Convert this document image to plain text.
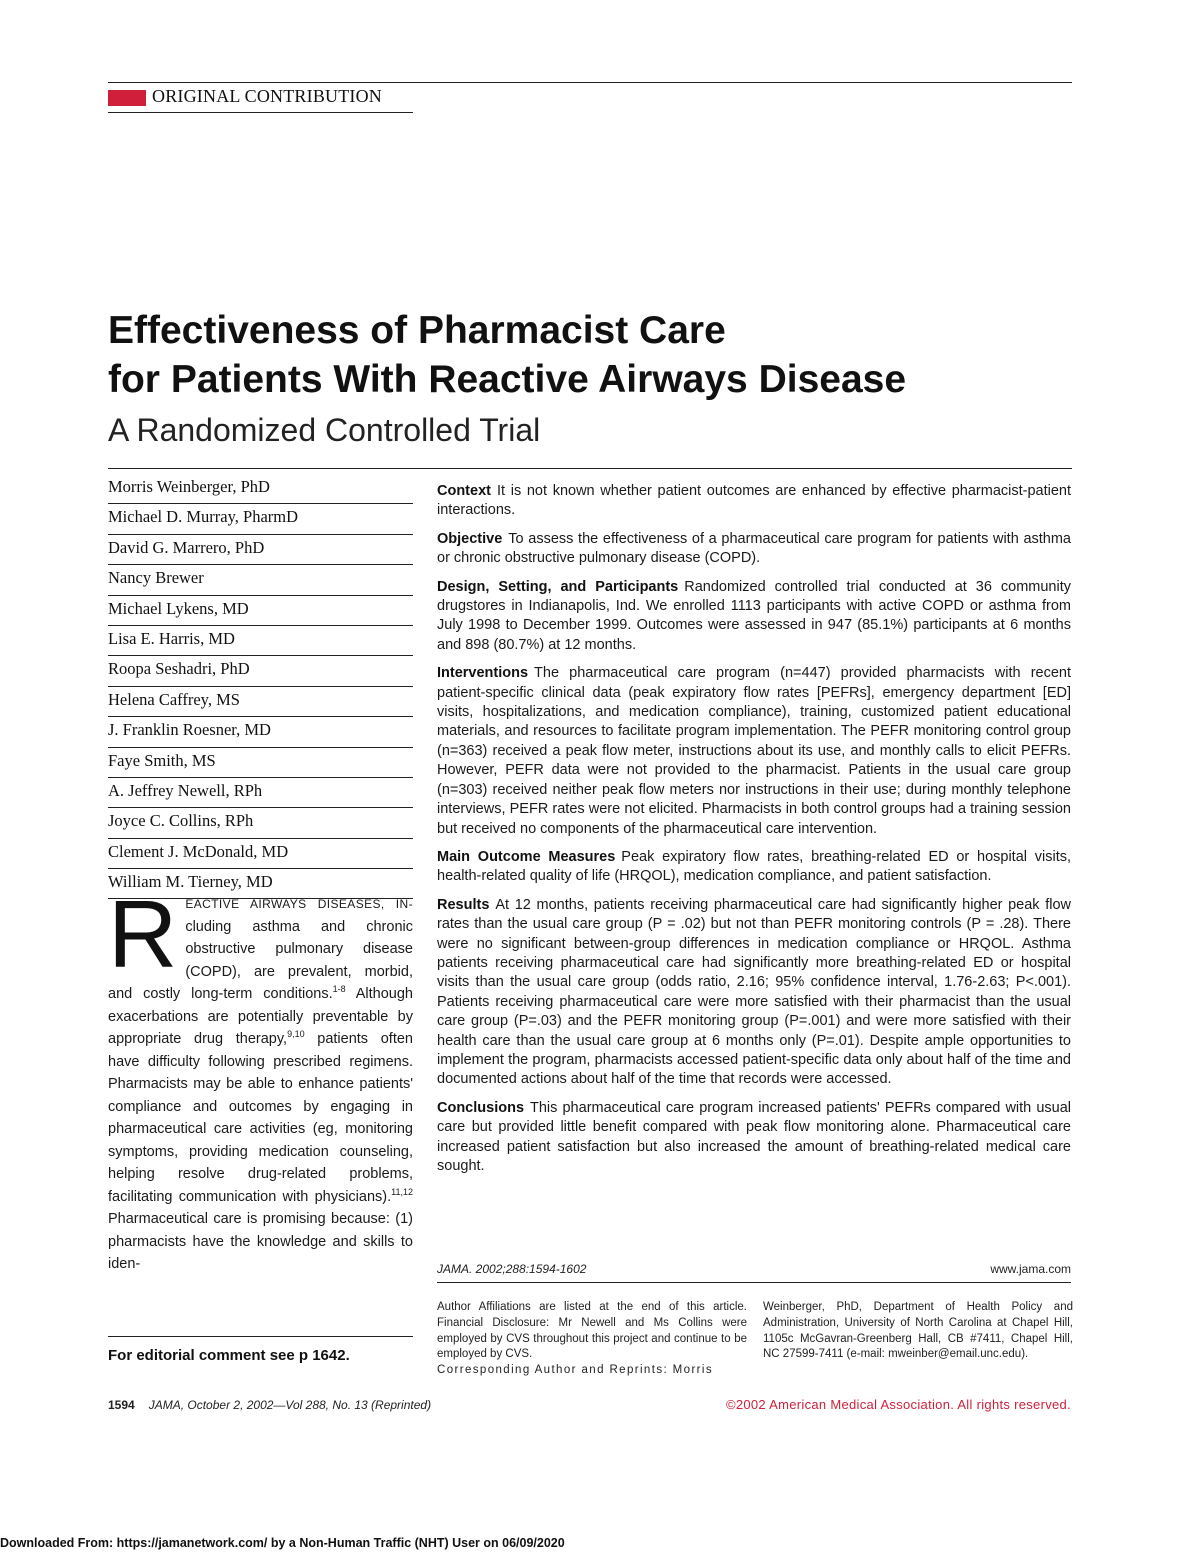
ORIGINAL CONTRIBUTION
Effectiveness of Pharmacist Care
for Patients With Reactive Airways Disease
A Randomized Controlled Trial
Morris Weinberger, PhD
Michael D. Murray, PharmD
David G. Marrero, PhD
Nancy Brewer
Michael Lykens, MD
Lisa E. Harris, MD
Roopa Seshadri, PhD
Helena Caffrey, MS
J. Franklin Roesner, MD
Faye Smith, MS
A. Jeffrey Newell, RPh
Joyce C. Collins, RPh
Clement J. McDonald, MD
William M. Tierney, MD
REACTIVE AIRWAYS DISEASES, IN- cluding asthma and chronic obstructive pulmonary disease (COPD), are prevalent, morbid, and costly long-term conditions.$^{1-8}$ Although exacerbations are potentially preventable by appropriate drug therapy,$^{9,10}$ patients often have difficulty following prescribed regimens. Pharmacists may be able to enhance patients' compliance and outcomes by engaging in pharmaceutical care activities (eg, monitoring symptoms, providing medication counseling, helping resolve drug-related problems, facilitating communication with physicians).$^{11,12}$ Pharmaceutical care is promising because: (1) pharmacists have the knowledge and skills to iden-
For editorial comment see p 1642.

Context It is not known whether patient outcomes are enhanced by effective pharmacist-patient interactions.

Objective To assess the effectiveness of a pharmaceutical care program for patients with asthma or chronic obstructive pulmonary disease (COPD).

Design, Setting, and Participants Randomized controlled trial conducted at 36 community drugstores in Indianapolis, Ind. We enrolled 1113 participants with active COPD or asthma from July 1998 to December 1999. Outcomes were assessed in 947 (85.1%) participants at 6 months and 898 (80.7%) at 12 months.

Interventions The pharmaceutical care program (n=447) provided pharmacists with recent patient-specific clinical data (peak expiratory flow rates [PEFRs], emergency department [ED] visits, hospitalizations, and medication compliance), training, customized patient educational materials, and resources to facilitate program implementation. The PEFR monitoring control group (n=363) received a peak flow meter, instructions about its use, and monthly calls to elicit PEFRs. However, PEFR data were not provided to the pharmacist. Patients in the usual care group (n=303) received neither peak flow meters nor instructions in their use; during monthly telephone interviews, PEFR rates were not elicited. Pharmacists in both control groups had a training session but received no components of the pharmaceutical care intervention.

Main Outcome Measures Peak expiratory flow rates, breathing-related ED or hospital visits, health-related quality of life (HRQOL), medication compliance, and patient satisfaction.

Results At 12 months, patients receiving pharmaceutical care had significantly higher peak flow rates than the usual care group (P = .02) but not than PEFR monitoring controls (P = .28). There were no significant between-group differences in medication compliance or HRQOL. Asthma patients receiving pharmaceutical care had significantly more breathing-related ED or hospital visits than the usual care group (odds ratio, 2.16; 95% confidence interval, 1.76-2.63; P<.001). Patients receiving pharmaceutical care were more satisfied with their pharmacist than the usual care group (P=.03) and the PEFR monitoring group (P=.001) and were more satisfied with their health care than the usual care group at 6 months only (P=.01). Despite ample opportunities to implement the program, pharmacists accessed patient-specific data only about half of the time and documented actions about half of the time that records were accessed.

Conclusions This pharmaceutical care program increased patients' PEFRs compared with usual care but provided little benefit compared with peak flow monitoring alone. Pharmaceutical care increased patient satisfaction but also increased the amount of breathing-related medical care sought.

JAMA. 2002;288:1594-1602	www.jama.com
Author Affiliations are listed at the end of this article. Financial Disclosure: Mr Newell and Ms Collins were employed by CVS throughout this project and continue to be employed by CVS.
Corresponding Author and Reprints: Morris
Weinberger, PhD, Department of Health Policy and Administration, University of North Carolina at Chapel Hill, 1105c McGavran-Greenberg Hall, CB #7411, Chapel Hill, NC 27599-7411 (e-mail: mweinber@email.unc.edu).
1594 JAMA, October 2, 2002—Vol 288, No. 13 (Reprinted)	©2002 American Medical Association. All rights reserved.
Downloaded From: https://jamanetwork.com/ by a Non-Human Traffic (NHT) User on 06/09/2020
